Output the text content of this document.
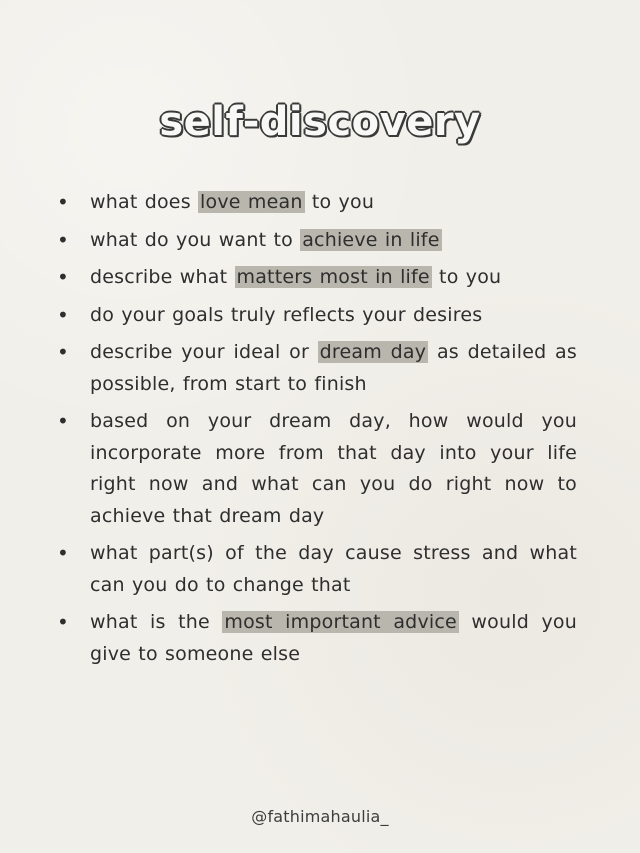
self-discovery
• what does love mean to you
• what do you want to achieve in life
• describe what matters most in life to you
• do your goals truly reflects your desires
• describe your ideal or dream day as detailed as possible, from start to finish
• based on your dream day, how would you incorporate more from that day into your life right now and what can you do right now to achieve that dream day
• what part(s) of the day cause stress and what can you do to change that
• what is the most important advice would you give to someone else
@fathimahaulia_
